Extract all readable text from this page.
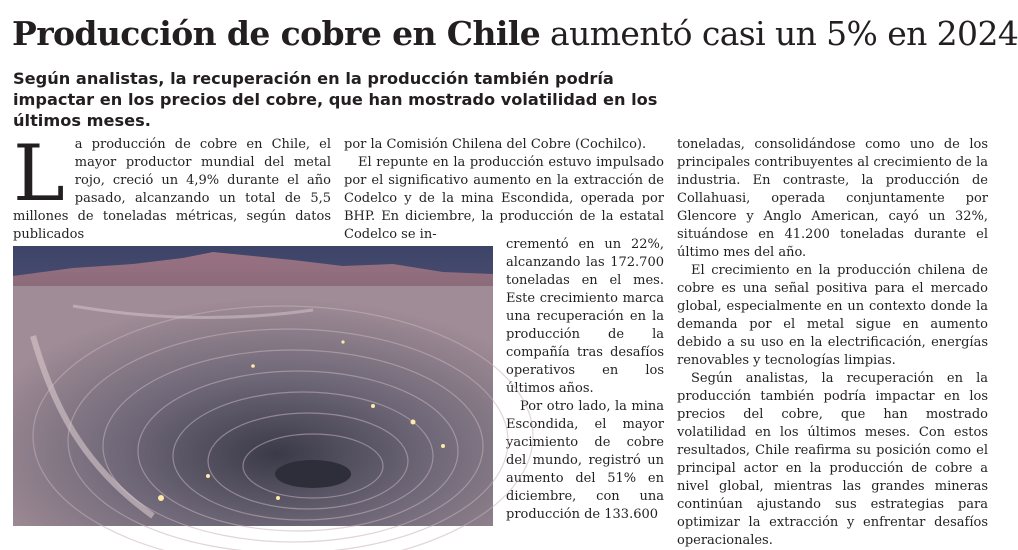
Producción de cobre en Chile aumentó casi un 5% en 2024
Según analistas, la recuperación en la producción también podría impactar en los precios del cobre, que han mostrado volatilidad en los últimos meses.
L a producción de cobre en Chile, el mayor productor mundial del metal rojo, creció un 4,9% durante el año pasado, alcanzando un total de 5,5 millones de toneladas métricas, según datos publicados

por la Comisión Chilena del Cobre (Cochilco).

El repunte en la producción estuvo impulsado por el significativo aumento en la extracción de Codelco y de la mina Escondida, operada por BHP. En diciembre, la producción de la estatal Codelco se in-

crementó en un 22%, alcanzando las 172.700 toneladas en el mes. Este crecimiento marca una recuperación en la producción de la compañía tras desafíos operativos en los últimos años.

Por otro lado, la mina Escondida, el mayor yacimiento de cobre del mundo, registró un aumento del 51% en diciembre, con una producción de 133.600

toneladas, consolidándose como uno de los principales contribuyentes al crecimiento de la industria. En contraste, la producción de Collahuasi, operada conjuntamente por Glencore y Anglo American, cayó un 32%, situándose en 41.200 toneladas durante el último mes del año.

El crecimiento en la producción chilena de cobre es una señal positiva para el mercado global, especialmente en un contexto donde la demanda por el metal sigue en aumento debido a su uso en la electrificación, energías renovables y tecnologías limpias.

Según analistas, la recuperación en la producción también podría impactar en los precios del cobre, que han mostrado volatilidad en los últimos meses. Con estos resultados, Chile reafirma su posición como el principal actor en la producción de cobre a nivel global, mientras las grandes mineras continúan ajustando sus estrategias para optimizar la extracción y enfrentar desafíos operacionales.
